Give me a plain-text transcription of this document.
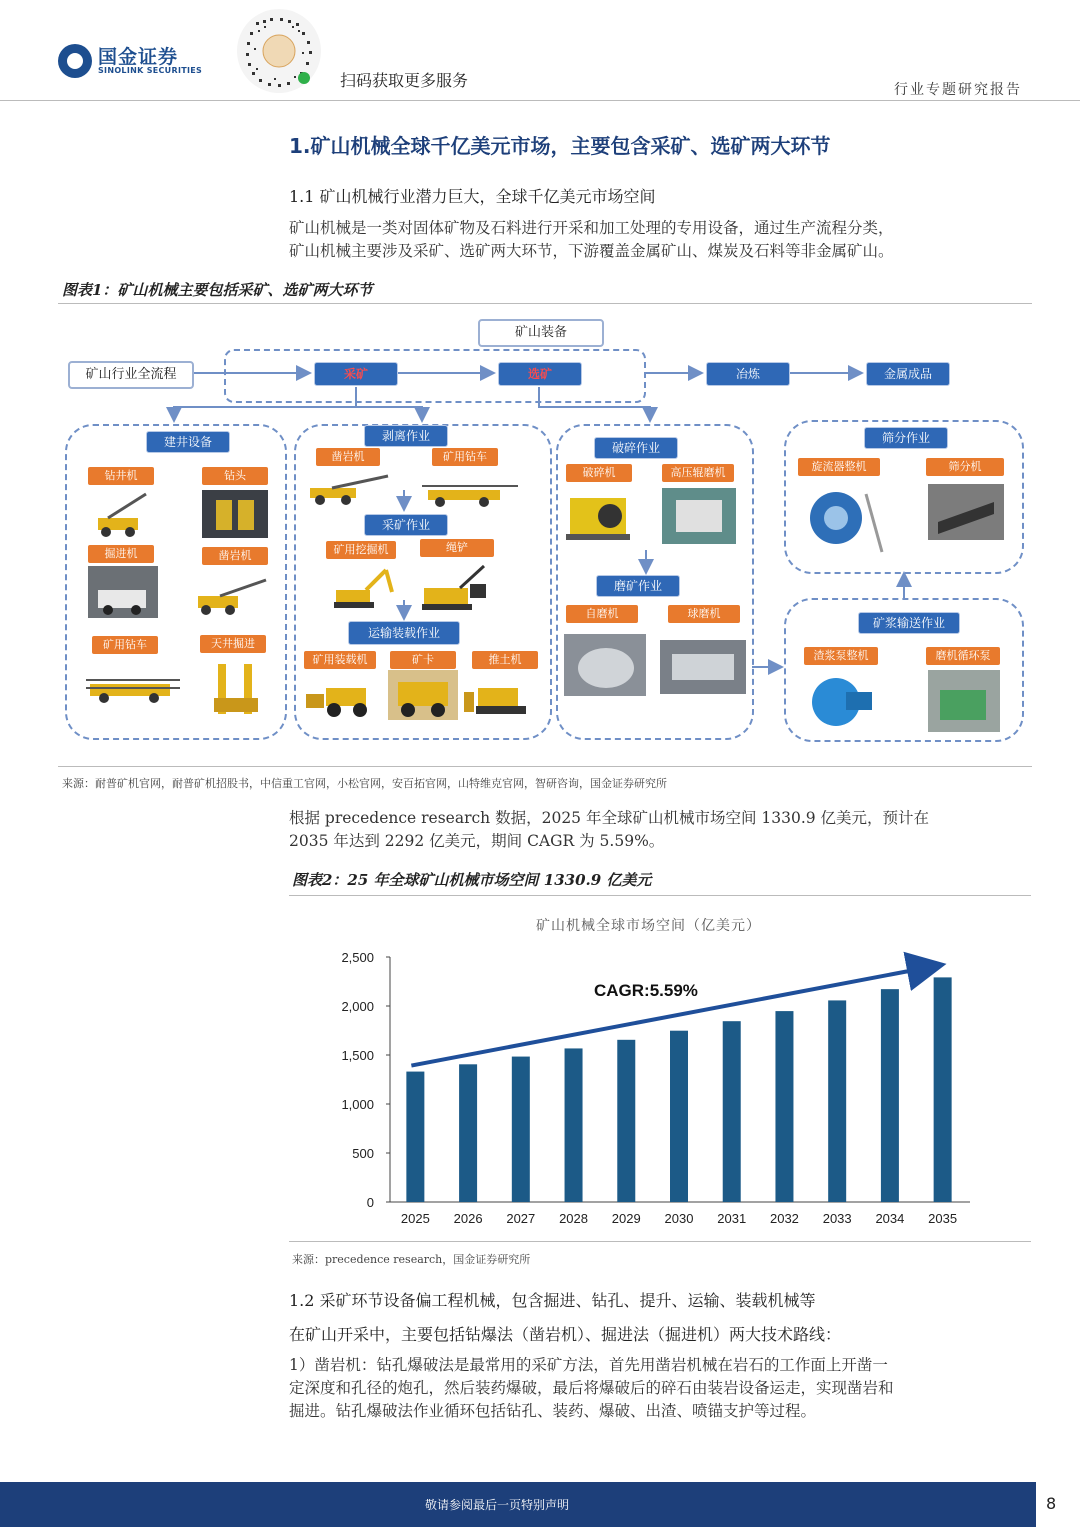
国金证券
SINOLINK SECURITIES
扫码获取更多服务	行业专题研究报告
1.矿山机械全球千亿美元市场，主要包含采矿、选矿两大环节
1.1 矿山机械行业潜力巨大，全球千亿美元市场空间
矿山机械是一类对固体矿物及石料进行开采和加工处理的专用设备，通过生产流程分类，
矿山机械主要涉及采矿、选矿两大环节，下游覆盖金属矿山、煤炭及石料等非金属矿山。
图表1：矿山机械主要包括采矿、选矿两大环节
矿山装备
矿山行业全流程	采矿	选矿	冶炼	金属成品
建井设备
钻井机	钻头
掘进机	凿岩机
矿用钻车	天井掘进
剥离作业
凿岩机	矿用钻车
采矿作业
矿用挖掘机	绳铲
运输装载作业
矿用装载机	矿卡	推土机
破碎作业
破碎机	高压辊磨机
磨矿作业
自磨机	球磨机
筛分作业
旋流器整机	筛分机
矿浆输送作业
渣浆泵整机	磨机循环泵
来源：耐普矿机官网，耐普矿机招股书，中信重工官网，小松官网，安百拓官网，山特维克官网，智研咨询，国金证券研究所
根据 precedence research 数据，2025 年全球矿山机械市场空间 1330.9 亿美元，预计在
2035 年达到 2292 亿美元，期间 CAGR 为 5.59%。
图表2：25 年全球矿山机械市场空间 1330.9 亿美元
矿山机械全球市场空间（亿美元）
0
500
1,000
1,500
2,000
2,500
2025 2026 2027 2028 2029 2030 2031 2032 2033 2034 2035
CAGR:5.59%
来源：precedence research，国金证券研究所
1.2 采矿环节设备偏工程机械，包含掘进、钻孔、提升、运输、装载机械等
在矿山开采中，主要包括钻爆法（凿岩机）、掘进法（掘进机）两大技术路线：
1）凿岩机：钻孔爆破法是最常用的采矿方法，首先用凿岩机械在岩石的工作面上开凿一
定深度和孔径的炮孔，然后装药爆破，最后将爆破后的碎石由装岩设备运走，实现凿岩和
掘进。钻孔爆破法作业循环包括钻孔、装药、爆破、出渣、喷锚支护等过程。
敬请参阅最后一页特别声明	8
